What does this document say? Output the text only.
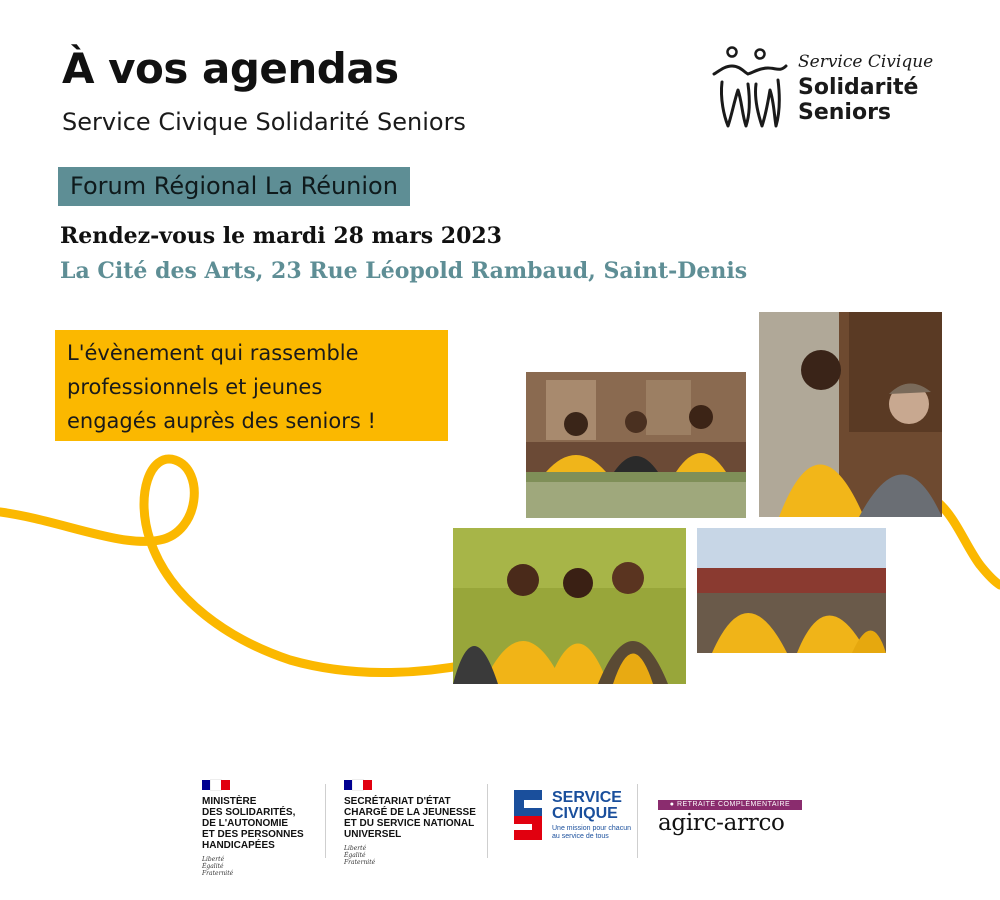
À vos agendas
Service Civique Solidarité Seniors
Service Civique
Solidarité
Seniors
Forum Régional La Réunion
Rendez-vous le mardi 28 mars 2023
La Cité des Arts, 23 Rue Léopold Rambaud, Saint-Denis
L'évènement qui rassemble
professionnels et jeunes
engagés auprès des seniors !
MINISTÈRE
DES SOLIDARITÉS,
DE L'AUTONOMIE
ET DES PERSONNES
HANDICAPÉES
Liberté
Égalité
Fraternité
SECRÉTARIAT D'ÉTAT
CHARGÉ DE LA JEUNESSE
ET DU SERVICE NATIONAL
UNIVERSEL
Liberté
Égalité
Fraternité
SERVICE
CIVIQUE
Une mission pour chacun
au service de tous
● RETRAITE COMPLÉMENTAIRE
agirc-arrco
